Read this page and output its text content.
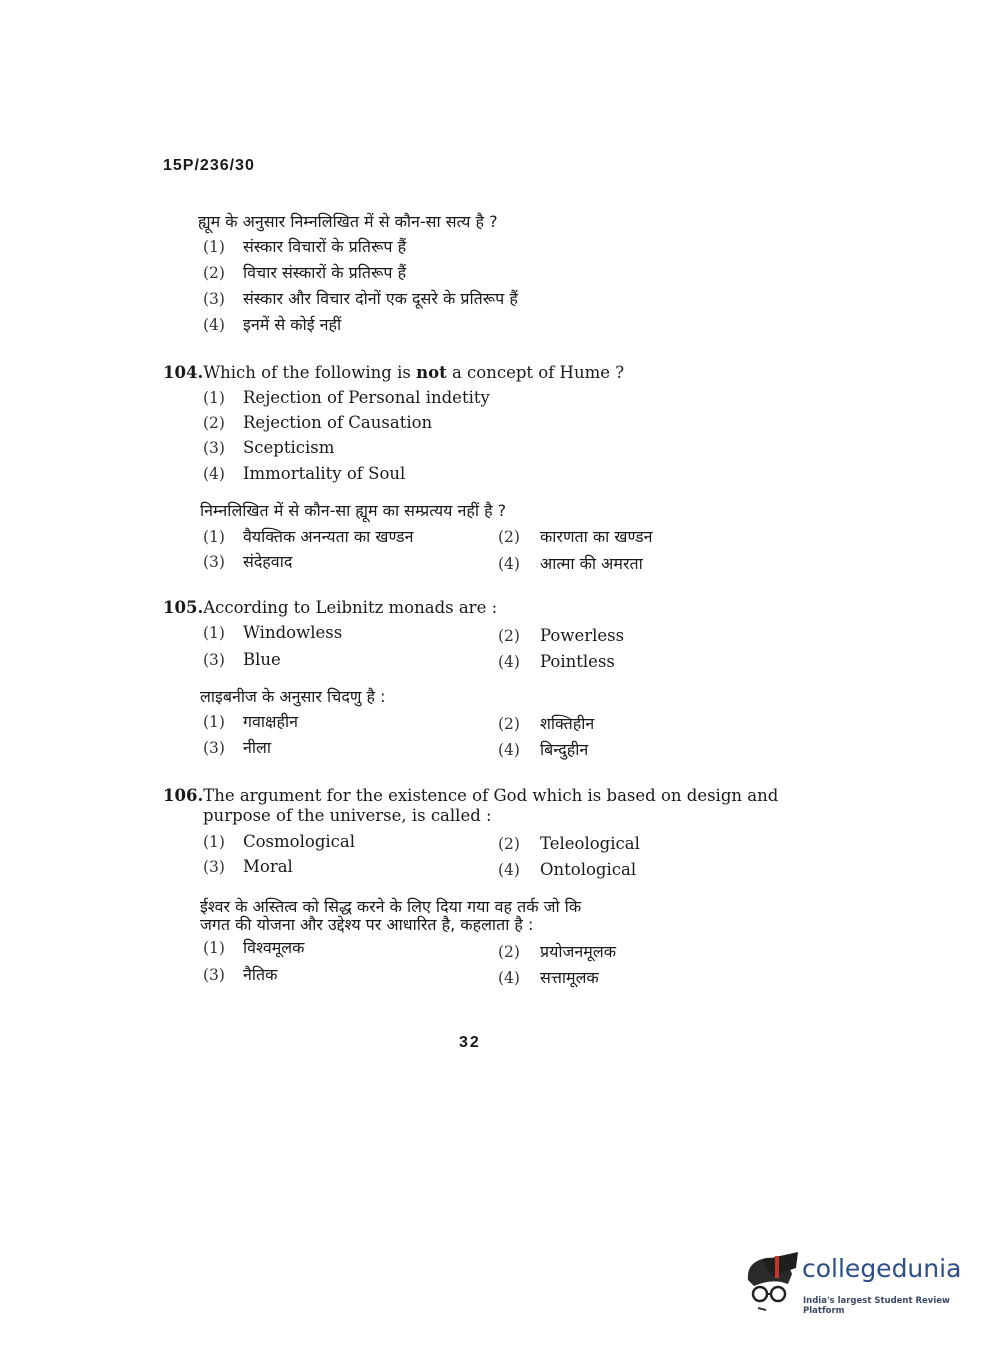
15P/236/30
ह्यूम के अनुसार निम्नलिखित में से कौन-सा सत्य है ?
(1) संस्कार विचारों के प्रतिरूप हैं
(2) विचार संस्कारों के प्रतिरूप हैं
(3) संस्कार और विचार दोनों एक दूसरे के प्रतिरूप हैं
(4) इनमें से कोई नहीं
104.Which of the following is not a concept of Hume ?
(1) Rejection of Personal indetity
(2) Rejection of Causation
(3) Scepticism
(4) Immortality of Soul
निम्नलिखित में से कौन-सा ह्यूम का सम्प्रत्यय नहीं है ?
(1) वैयक्तिक अनन्यता का खण्डन	(2) कारणता का खण्डन
(3) संदेहवाद	(4) आत्मा की अमरता
105.According to Leibnitz monads are :
(1) Windowless	(2) Powerless
(3) Blue	(4) Pointless
लाइबनीज के अनुसार चिदणु है :
(1) गवाक्षहीन	(2) शक्तिहीन
(3) नीला	(4) बिन्दुहीन
106.The argument for the existence of God which is based on design and
purpose of the universe, is called :
(1) Cosmological	(2) Teleological
(3) Moral	(4) Ontological
ईश्वर के अस्तित्व को सिद्ध करने के लिए दिया गया वह तर्क जो कि
जगत की योजना और उद्देश्य पर आधारित है, कहलाता है :
(1) विश्वमूलक	(2) प्रयोजनमूलक
(3) नैतिक	(4) सत्तामूलक
32
collegedunia
India's largest Student Review Platform
